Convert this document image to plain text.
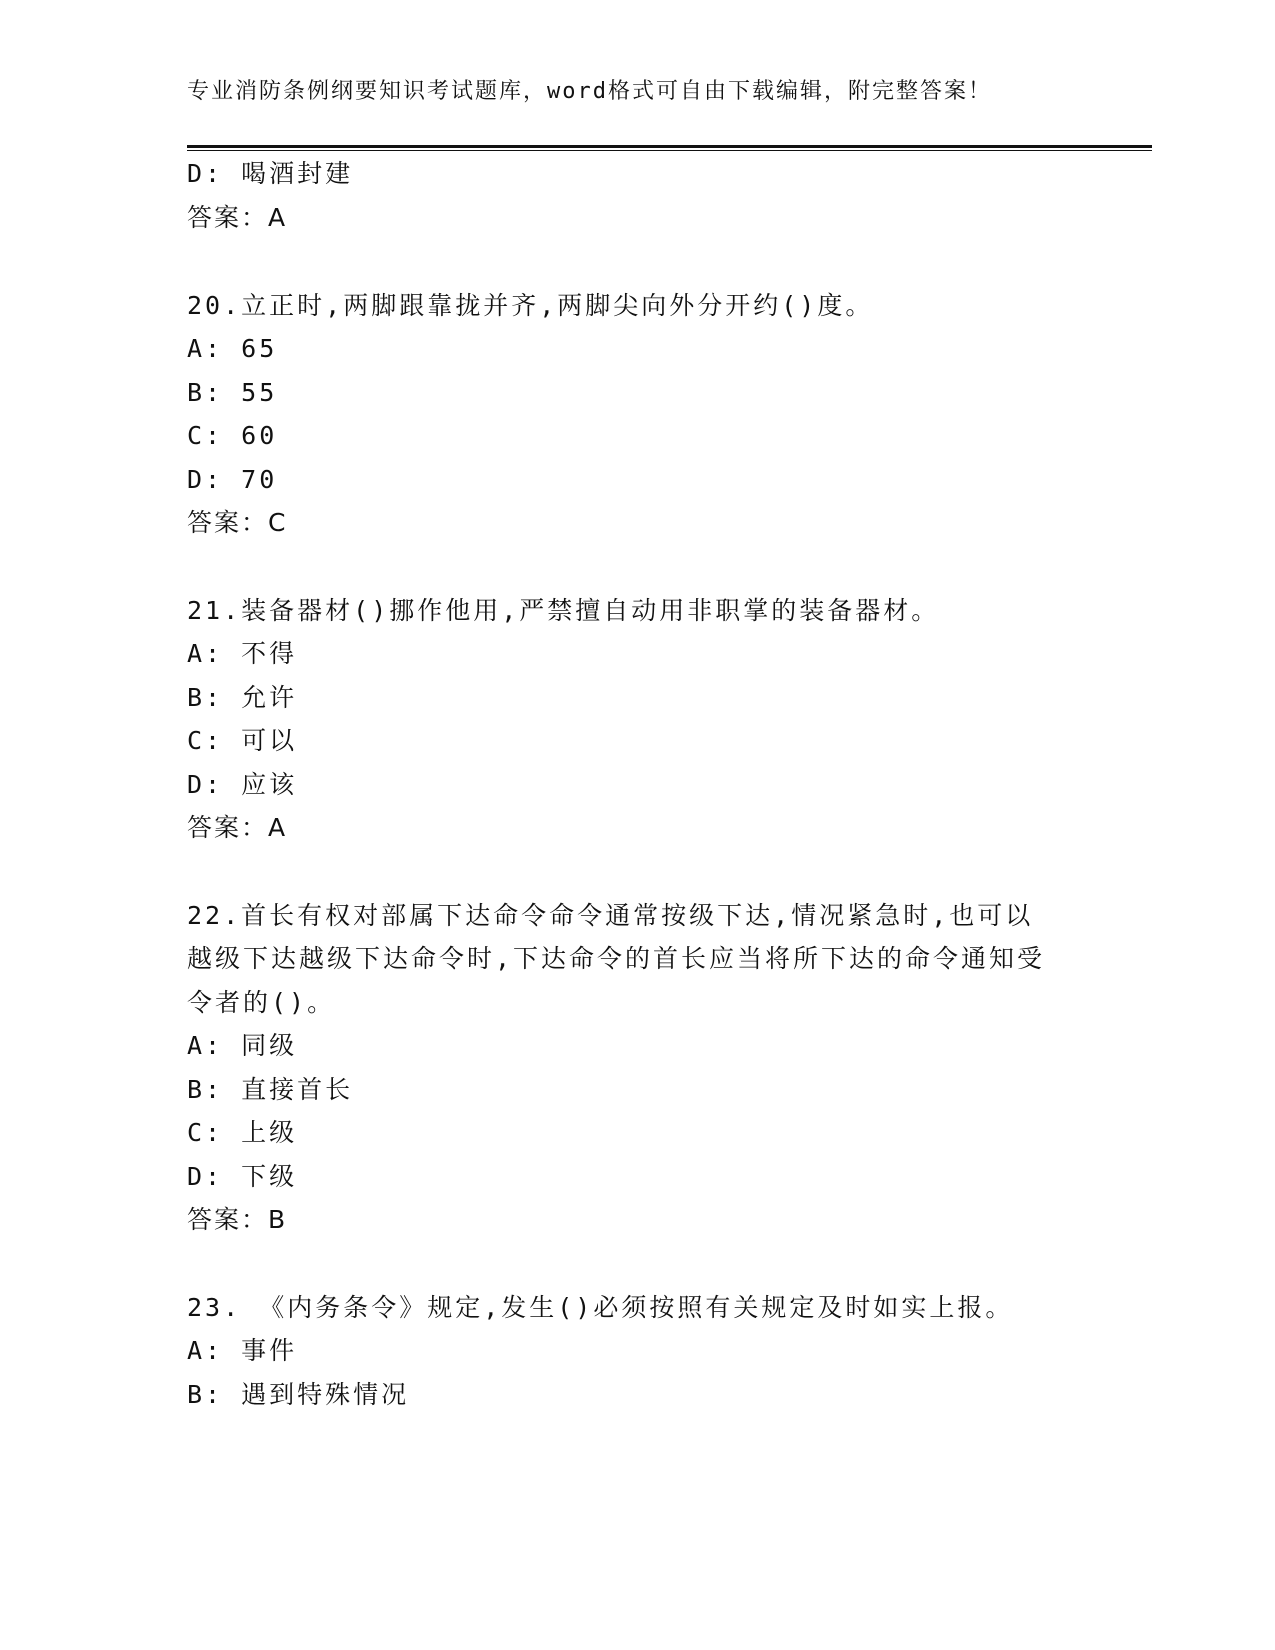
专业消防条例纲要知识考试题库，word格式可自由下载编辑，附完整答案！
D: 喝酒封建
答案：A
20.立正时,两脚跟靠拢并齐,两脚尖向外分开约()度。
A: 65
B: 55
C: 60
D: 70
答案：C
21.装备器材()挪作他用,严禁擅自动用非职掌的装备器材。
A: 不得
B: 允许
C: 可以
D: 应该
答案：A
22.首长有权对部属下达命令命令通常按级下达,情况紧急时,也可以
越级下达越级下达命令时,下达命令的首长应当将所下达的命令通知受
令者的()。
A: 同级
B: 直接首长
C: 上级
D: 下级
答案：B
23. 《内务条令》规定,发生()必须按照有关规定及时如实上报。
A: 事件
B: 遇到特殊情况
